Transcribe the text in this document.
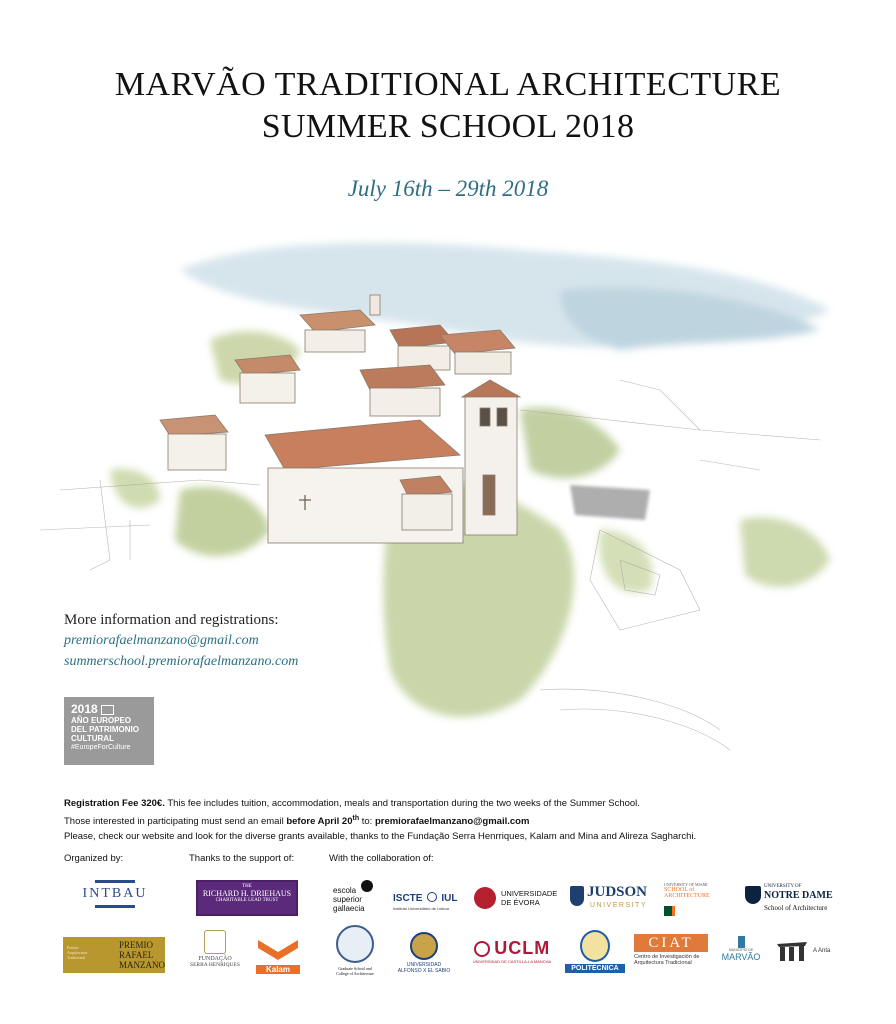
MARVÃO TRADITIONAL ARCHITECTURE
SUMMER SCHOOL 2018
July 16th – 29th 2018
More information and registrations:
premiorafaelmanzano@gmail.com
summerschool.premiorafaelmanzano.com
2018
AÑO EUROPEO
DEL PATRIMONIO
CULTURAL
#EuropeForCulture
Registration Fee 320€. This fee includes tuition, accommodation, meals and transportation during the two weeks of the Summer School.
Those interested in participating must send an email before April 20th to: premiorafaelmanzano@gmail.com
Please, check our website and look for the diverse grants available, thanks to the Fundação Serra Henrriques, Kalam and Mina and Alireza Sagharchi.
Organized by:	Thanks to the support of:	With the collaboration of:
INTBAU	THE
RICHARD H. DRIEHAUS
CHARITABLE LEAD TRUST
escola
superior
gallaecia
ISCTE IUL
Instituto Universitário de Lisboa
UNIVERSIDADE
DE ÉVORA
JUDSON
UNIVERSITY
UNIVERSITY OF MIAMI
SCHOOL of
ARCHITECTURE
UNIVERSITY OF
NOTRE DAME
School of Architecture
Premio
Arquitectura
Tradicional
PREMIO
RAFAEL
MANZANO
FUNDAÇÃO
SERRA HENRIQUES	Kalam	Graduate School and
College of Architecture
UNIVERSIDAD
ALFONSO X EL SABIO
UCLM
UNIVERSIDAD DE CASTILLA-LA MANCHA
POLITÉCNICA
CIAT
Centro de Investigación de
Arquitectura Tradicional
MUNICÍPIO DE
MARVÃO
A Anta
